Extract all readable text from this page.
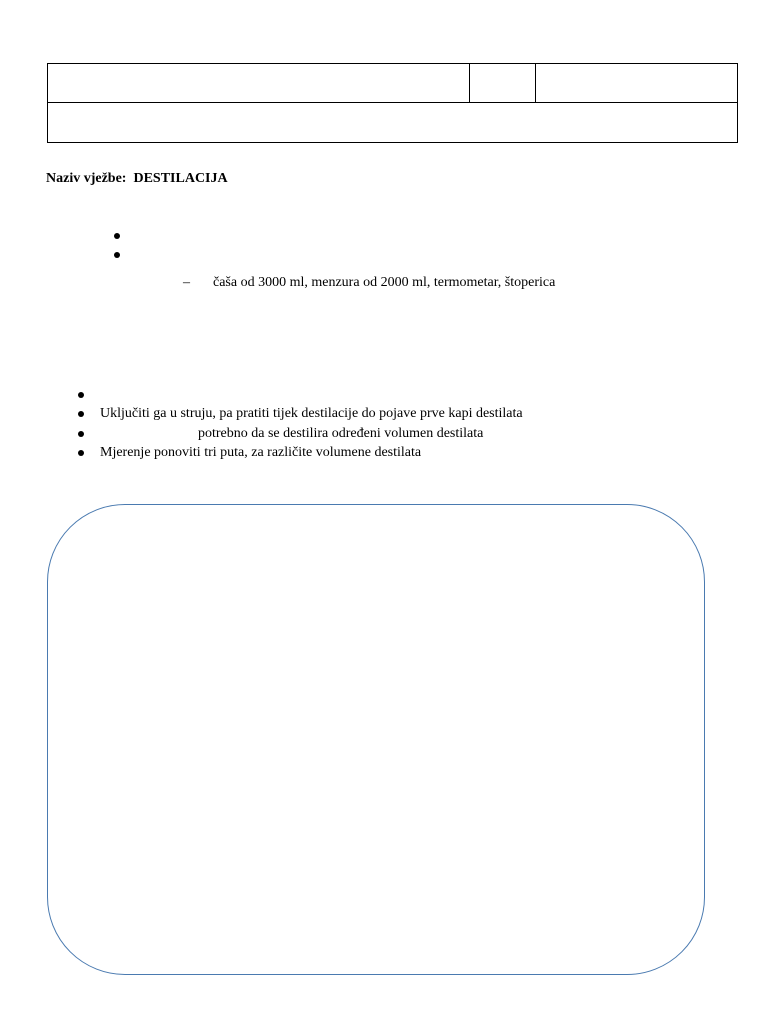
Naziv vježbe: DESTILACIJA
– čaša od 3000 ml, menzura od 2000 ml, termometar, štoperica
Uključiti ga u struju, pa pratiti tijek destilacije do pojave prve kapi destilata
potrebno da se destilira određeni volumen destilata
Mjerenje ponoviti tri puta, za različite volumene destilata
